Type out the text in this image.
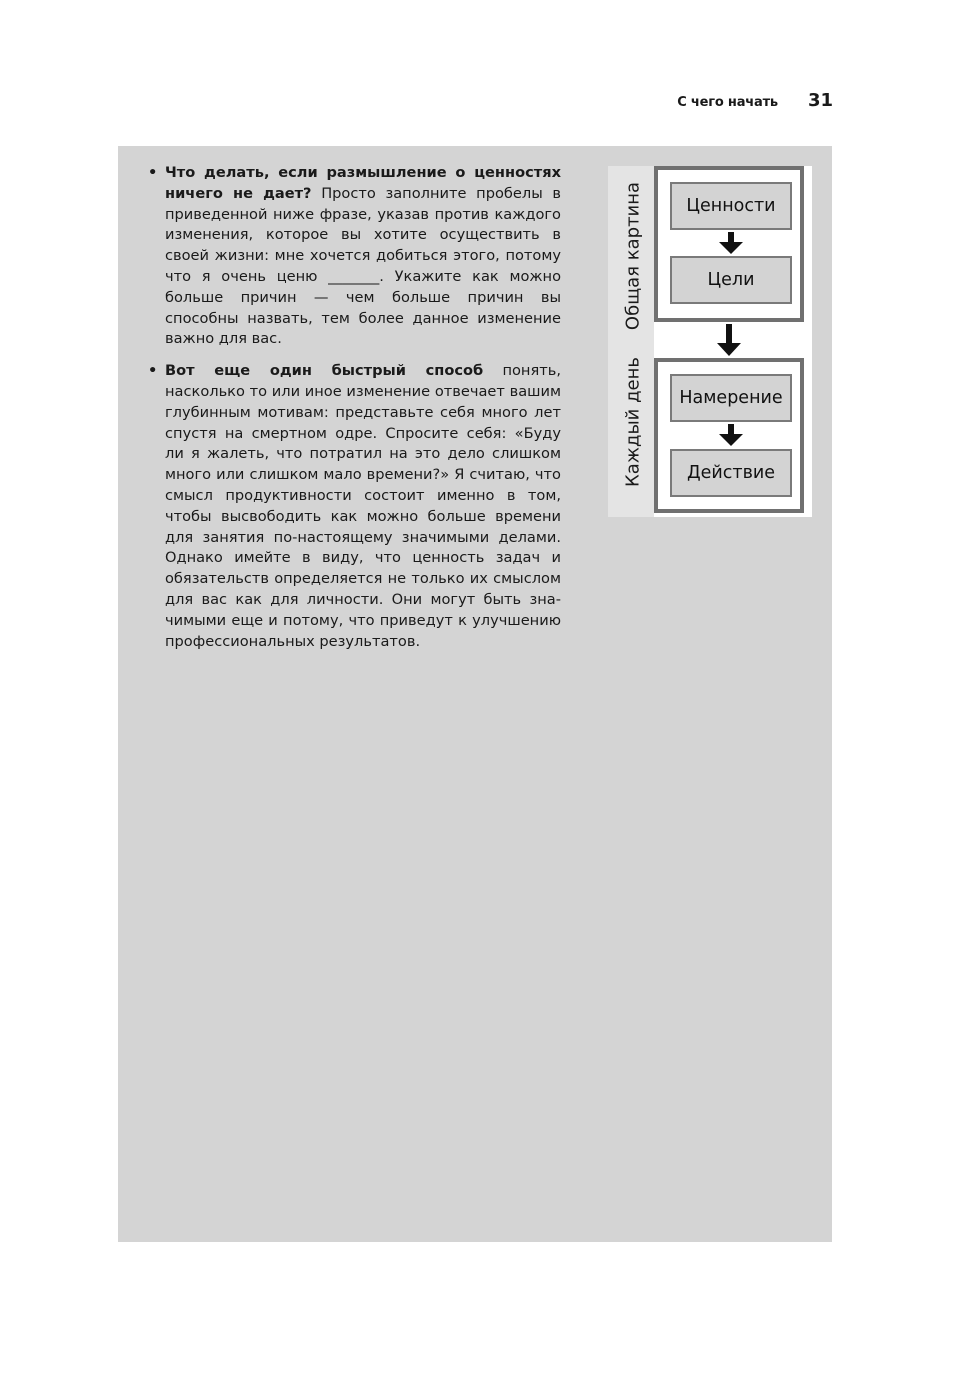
С чего начать 31
• Что делать, если размышление о ценностях ничего не дает? Просто заполните пробелы в приведенной ниже фразе, указав против каждого изменения, которое вы хотите осуществить в своей жизни: мне хочется добиться этого, потому что я очень ценю _______. Укажите как можно больше причин — чем больше причин вы способны назвать, тем более данное изменение важно для вас.
• Вот еще один быстрый способ понять, насколько то или иное изменение отвечает вашим глубинным мотивам: представьте себя много лет спустя на смертном одре. Спросите себя: «Буду ли я жалеть, что потратил на это дело слишком много или слишком мало времени?» Я считаю, что смысл продуктивности состоит именно в том, чтобы высвободить как можно больше времени для занятия по-настоящему значимыми делами. Однако имейте в виду, что ценность задач и обязательств определяется не только их смыслом для вас как для личности. Они могут быть значимыми еще и потому, что приведут к улучшению профессиональных результатов.
Каждый день
Общая картина	Ценности
Цели
Намерение
Действие
